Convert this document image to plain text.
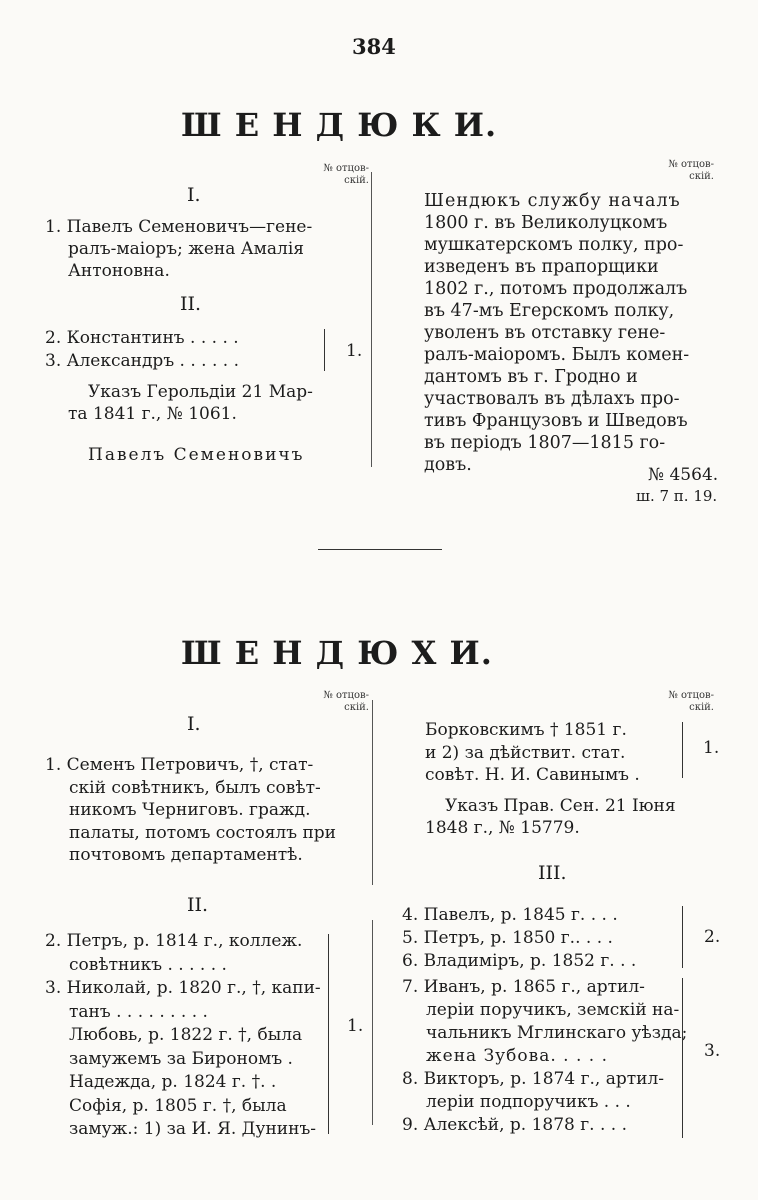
384
Ш Е Н Д Ю К И.
№ отцов-
скій.
№ отцов-
скій.
I.
1. Павелъ Семеновичъ—гене-
ралъ-маіоръ; жена Амалія
Антоновна.
II.
2. Константинъ . . . . .
3. Александръ . . . . . .	1.
Указъ Герольдіи 21 Мар-
та 1841 г., № 1061.
Павелъ Семеновичъ
Шендюкъ службу началъ
1800 г. въ Великолуцкомъ
мушкатерскомъ полку, про-
изведенъ въ прапорщики
1802 г., потомъ продолжалъ
въ 47-мъ Егерскомъ полку,
уволенъ въ отставку гене-
ралъ-маіоромъ. Былъ комен-
дантомъ въ г. Гродно и
участвовалъ въ дѣлахъ про-
тивъ Французовъ и Шведовъ
въ періодъ 1807—1815 го-
довъ.	№ 4564.
ш. 7 п. 19.
Ш Е Н Д Ю Х И.
№ отцов-
скій.
№ отцов-
скій.
I.
1. Семенъ Петровичъ, †, стат-
скій совѣтникъ, былъ совѣт-
никомъ Черниговъ. гражд.
палаты, потомъ состоялъ при
почтовомъ департаментѣ.
II.
2. Петръ, р. 1814 г., коллеж.
совѣтникъ . . . . . .
3. Николай, р. 1820 г., †, капи-
танъ . . . . . . . . .
Любовь, р. 1822 г. †, была
замужемъ за Бирономъ .
Надежда, р. 1824 г. †. .
Софія, р. 1805 г. †, была
замуж.: 1) за И. Я. Дунинъ-
1.
Борковскимъ † 1851 г.
и 2) за дѣйствит. стат.
совѣт. Н. И. Савинымъ .
1.
Указъ Прав. Сен. 21 Іюня
1848 г., № 15779.
III.
4. Павелъ, р. 1845 г. . . .
5. Петръ, р. 1850 г.. . . .
6. Владиміръ, р. 1852 г. . .
2.
7. Иванъ, р. 1865 г., артил-
леріи поручикъ, земскій на-
чальникъ Мглинскаго уѣзда;
жена Зубова. . . . .
8. Викторъ, р. 1874 г., артил-
леріи подпоручикъ . . .
9. Алексѣй, р. 1878 г. . . .
3.
